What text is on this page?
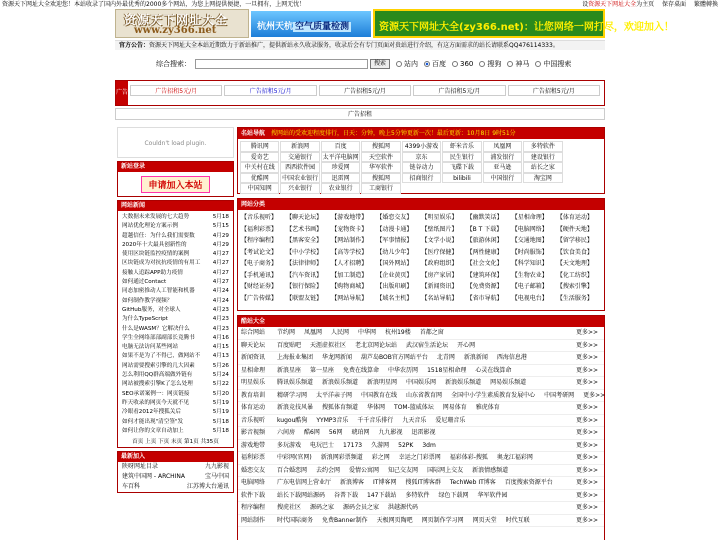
资源天下网址大全欢迎您！本站收录了国内外最优秀的2000多个网站，为您上网提供便捷，一旦拥有，上网无忧！	设资源天下网址大全为主页 保存桌面 繁體轉換
资源天下网址大全
www.zy366.net	杭州天杭 空气质量检测	资源天下网址大全(zy366.net)：让您网络一网打尽，欢迎加入！
官方公告：资源天下网址大全本站近期致力于新站推广，提供新站永久收录服务，收录后会有专门页面对贵站进行介绍，有这方面需求的站长请联系QQ476114333。
综合搜索：	搜索	站内 百度 360 搜狗 神马 中国搜索
广告	广告招租5元/月	广告招租5元/月	广告招租5元/月	广告招租5元/月	广告招租5元/月
广告招租
Couldn't load plugin.
新站登录
申请加入本站
网站新闻
大数据未来发展的七大趋势	5月18
网站优化理论方案示例	5月15
超越信任：为什么我们需要数	4月29
2020年十大最具创新性的	4月29
使用区块链监控疫情的案例	4月27
区块链成为对抗抗疫情的有用工 4月27
接触人追踪APP助力疫情	4月27
如何通过Contact	4月27
同态加密推动人工智能和机器	4月24
如何制作教学视频？	4月24
GitHub服务，对全球人	4月23
为什么TypeScript	4月23
什么是WASM？它解决什么	4月23
学生全网络部部副部长竟腾书	4月16
电脑无法访问某些网站	4月15
如果不是为了不得已，做网站不 4月13
网站需要搜索引擎的几大因素	5月26
怎么利用QQ群高端做外链有	5月24
网站被搜索引擎K了怎么处理	5月22
SEO承诺案例一：网页链接	5月20
昨天收录的网页今天就不见	5月19
冷眼看2012年搜狐关后	5月19
如何才能出现"清空签"发	5月18
如何让你的文章自动加上	5月18
首页 上页 下页 末页 第1页 共35页
最新加入
陕呀网址目录	九九影视
建筑中国网 - ARCHINA	宝马中国
车百科	江苏博大台通讯
名站导航 搜网站的受欢迎程度排行，日天：分钟，晚上5分钟更新一次！最后更新：10月8日 9时51分
腾讯网	新浪网	百度	搜狐网	4399小游戏	虾米音乐	凤凰网	多特软件
爱奇艺	交通银行	太平洋电脑网	天空软件	京东	民生银行	浦发银行	建设银行
中关村在线	西西软件园	珍爱网	华军软件	链谷动力	飞碟下载	亚马逊	站长之家
优酷网	中国农业银行	迅雷网	搜狐网	招商银行	bilibili	中国银行	淘宝网
中国知网	兴业银行	农业银行	工商银行
网站分类
【音乐视听】	【聊天论坛】	【游戏地带】	【婚恋交友】	【明星娱乐】	【幽默笑话】	【星相命理】	【体育运动】
【福利彩票】	【艺术书画】	【宠物资卡】	【动漫卡通】	【壁纸图片】	【B T 下载】	【电脑网络】	【硬件天地】
【程序编程】	【黑客安全】	【网站制作】	【军事情报】	【文学小说】	【旅游休闲】	【交通地图】	【留学移民】
【考试论文】	【中小学校】	【高等学校】	【幼儿少年】	【医疗保健】	【两性健康】	【时尚服饰】	【饮食美食】
【电子商务】	【法律律师】	【人才招聘】	【国外网站】	【政府组织】	【社会文化】	【科学知识】	【天文地理】
【手机通讯】	【汽车资讯】	【加工制造】	【企业黄页】	【房产家居】	【建筑环保】	【生物农业】	【化工纺织】
【财经证券】	【银行保险】	【购物商城】	【出版印刷】	【新闻资讯】	【免费资源】	【电子邮箱】	【搜索引擎】
【广告传媒】	【联盟友链】	【网站导航】	【域名主机】	【名站导航】	【省市导航】	【电视电台】	【生活服务】
酷站大全
综合网站	节约网 凤凰网 人民网 中华网 杭州19楼 首都之窗	更多>>
聊天论坛	百度贴吧 天涯虚拟社区 老北京网论坛站 武汉宿生活论坛 开心网	更多>>
新闻资讯	上海报业集团 华龙网新闻 葫芦岛BOB官方网站平台 北青网 新浪新闻 西海信息港	更多>>
星相命理	新浪星座 第一星座 免费在线算命 中华农历网 1518星相命理 心灵在线算命	更多>>
明星娱乐	腾讯娱乐频道 新浪娱乐频道 新浪明星网 中国娱乐网 新浪娱乐频道 网易娱乐频道	更多>>
教育培训	精研学习网 太平洋亲子网 中国教育在线 山东省教育网 全国中小学生素质教育发展中心 中国考研网 更多>>
体育运动	新浪竞技风暴 搜狐体育频道 华体网 TOM-篮威体坛 网易体育 雅虎体育	更多>>
音乐视听	kugou酷狗 YYMP3音乐 千千音乐排行 九天音乐 爱尼珊音乐	更多>>
影音视频	六间房 酷6网 56网 琥珀网 九九影视 迅雷影视	更多>>
游戏地带	多玩游戏 电玩巴士 17173 久游网 52PK 3dm	更多>>
福利彩票	中彩网(官网) 新浪网彩票频道 彩之网 幸运之门彩票网 福彩体彩-搜狐 奥龙江福彩网	更多>>
婚恋交友	百合婚恋网 去约会网 爱情公寓网 知己交友网 国际网上交友 新浪情感频道	更多>>
电脑网络	广东电信网上营业厅 新浪博客 IT博客网 搜狐IT博客群 TechWeb IT博客 百度搜索资源平台	更多>>
软件下载	站长下载网站源码 谷普下载 147下载站 多特软件 绿色下载网 华军软件园	更多>>
程序编程	搜虎社区 源码之家 源码会员之家 洪越源代码	更多>>
网站制作	时代国际商务 免费Banner制作 天极网页陶吧 网页制作学习网 网页天堂 时代互联	更多>>
